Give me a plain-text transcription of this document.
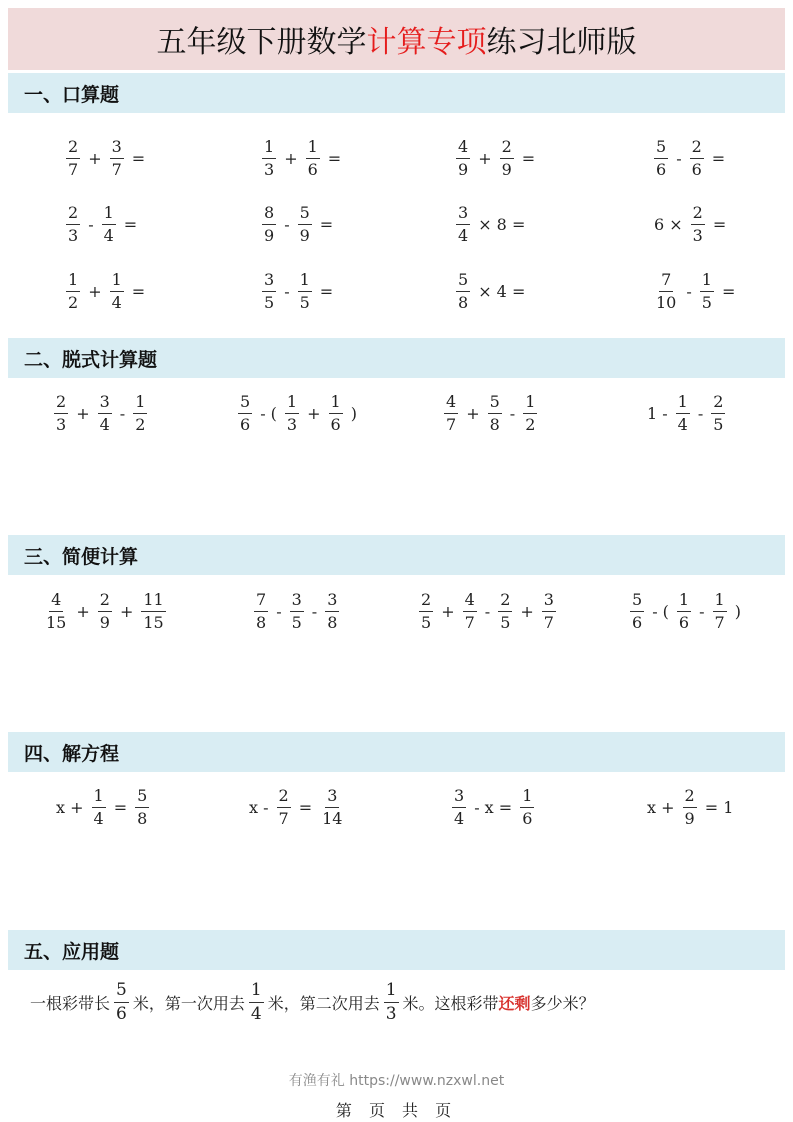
五年级下册数学 计算专项 练习北师版
一、口算题
二、脱式计算题
三、简便计算
四、解方程
五、应用题
$\frac{2}{7} + \frac{3}{7}$ =	$\frac{1}{3} + \frac{1}{6}$ =	$\frac{4}{9} + \frac{2}{9}$ =	$\frac{5}{6} - \frac{2}{6}$ =
$\frac{2}{3} - \frac{1}{4}$ =	$\frac{8}{9} - \frac{5}{9}$ =	$\frac{3}{4} \times 8$ =	$6 \times \frac{2}{3}$ =
$\frac{1}{2} + \frac{1}{4}$ =	$\frac{3}{5} - \frac{1}{5}$ =	$\frac{5}{8} \times 4$ =	$\frac{7}{10} - \frac{1}{5}$ =
$\frac{2}{3} + \frac{3}{4} - \frac{1}{2}$	$\frac{5}{6}$ - ( $\frac{1}{3} + \frac{1}{6}$ )	$\frac{4}{7} + \frac{5}{8} - \frac{1}{2}$	$1 - \frac{1}{4} - \frac{2}{5}$
$\frac{4}{15} + \frac{2}{9} + \frac{11}{15}$	$\frac{7}{8} - \frac{3}{5} - \frac{3}{8}$	$\frac{2}{5} + \frac{4}{7} - \frac{2}{5} + \frac{3}{7}$	$\frac{5}{6}$ - ( $\frac{1}{6} - \frac{1}{7}$ )
$x + \frac{1}{4} = \frac{5}{8}$	$x - \frac{2}{7} = \frac{3}{14}$	$\frac{3}{4} - x = \frac{1}{6}$	$x + \frac{2}{9} = 1$
一根彩带长 $\frac{5}{6}$ 米，第一次用去 $\frac{1}{4}$ 米，第二次用去 $\frac{1}{3}$ 米。这根彩带 还剩 多少米？
有渔有礼 https://www.nzxwl.net
第 页 共 页
